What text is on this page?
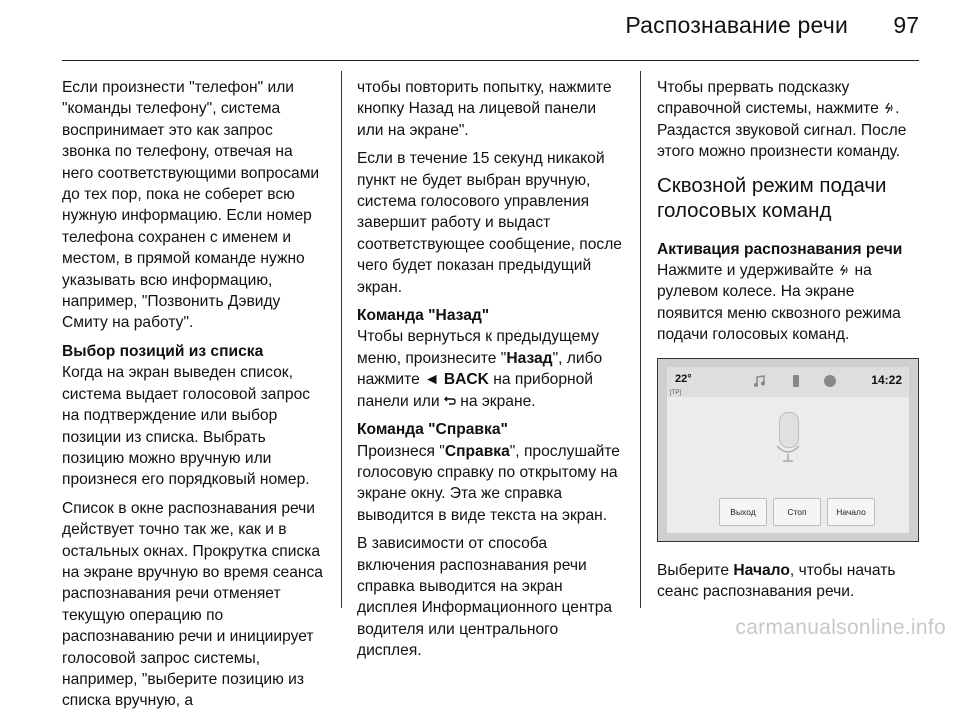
Распознавание речи 97

Если произнести "телефон" или "команды телефону", система воспринимает это как запрос звонка по телефону, отвечая на него соответствующими вопросами до тех пор, пока не соберет всю нужную информацию. Если номер телефона сохранен с именем и местом, в прямой команде нужно указывать всю информацию, например, "Позвонить Дэвиду Смиту на работу".

Выбор позиций из списка

Когда на экран выведен список, система выдает голосовой запрос на подтверждение или выбор позиции из списка. Выбрать позицию можно вручную или произнеся его порядковый номер.

Список в окне распознавания речи действует точно так же, как и в остальных окнах. Прокрутка списка на экране вручную во время сеанса распознавания речи отменяет текущую операцию по распознаванию речи и инициирует голосовой запрос системы, например, "выберите позицию из списка вручную, а

чтобы повторить попытку, нажмите кнопку Назад на лицевой панели или на экране".

Если в течение 15 секунд никакой пункт не будет выбран вручную, система голосового управления завершит работу и выдаст соответствующее сообщение, после чего будет показан предыдущий экран.

Команда "Назад"

Чтобы вернуться к предыдущему меню, произнесите "Назад", либо нажмите ◄ BACK на приборной панели или  на экране.

Команда "Справка"

Произнеся "Справка", прослушайте голосовую справку по открытому на экране окну. Эта же справка выводится в виде текста на экран.

В зависимости от способа включения распознавания речи справка выводится на экран дисплея Информационного центра водителя или центрального дисплея.

Чтобы прервать подсказку справочной системы, нажмите . Раздастся звуковой сигнал. После этого можно произнести команду.

Сквозной режим подачи голосовых команд
Активация распознавания речи

Нажмите и удерживайте  на рулевом колесе. На экране появится меню сквозного режима подачи голосовых команд.

22°
[TP]
14:22
Выход	Стоп	Начало

Выберите Начало, чтобы начать сеанс распознавания речи.

carmanualsonline.info
